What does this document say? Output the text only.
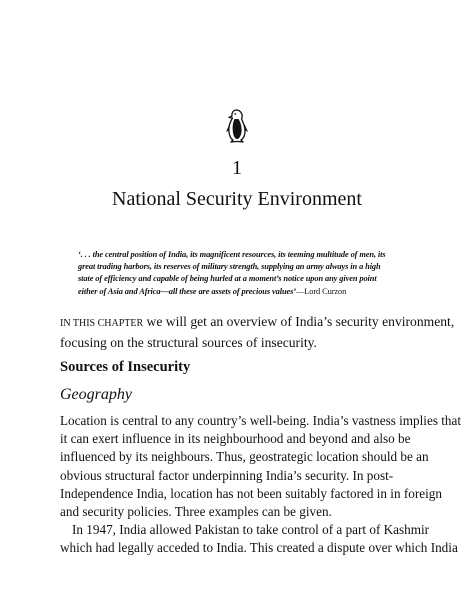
1
National Security Environment
‘. . . the central position of India, its magnificent resources, its teeming multitude of men, its
great trading harbors, its reserves of military strength, supplying an army always in a high
state of efficiency and capable of being hurled at a moment’s notice upon any given point
either of Asia and Africa—all these are assets of precious values’—Lord Curzon
IN THIS CHAPTER we will get an overview of India’s security environment,
focusing on the structural sources of insecurity.
Sources of Insecurity
Geography
Location is central to any country’s well-being. India’s vastness implies that
it can exert influence in its neighbourhood and beyond and also be
influenced by its neighbours. Thus, geostrategic location should be an
obvious structural factor underpinning India’s security. In post-
Independence India, location has not been suitably factored in in foreign
and security policies. Three examples can be given.
In 1947, India allowed Pakistan to take control of a part of Kashmir
which had legally acceded to India. This created a dispute over which India
